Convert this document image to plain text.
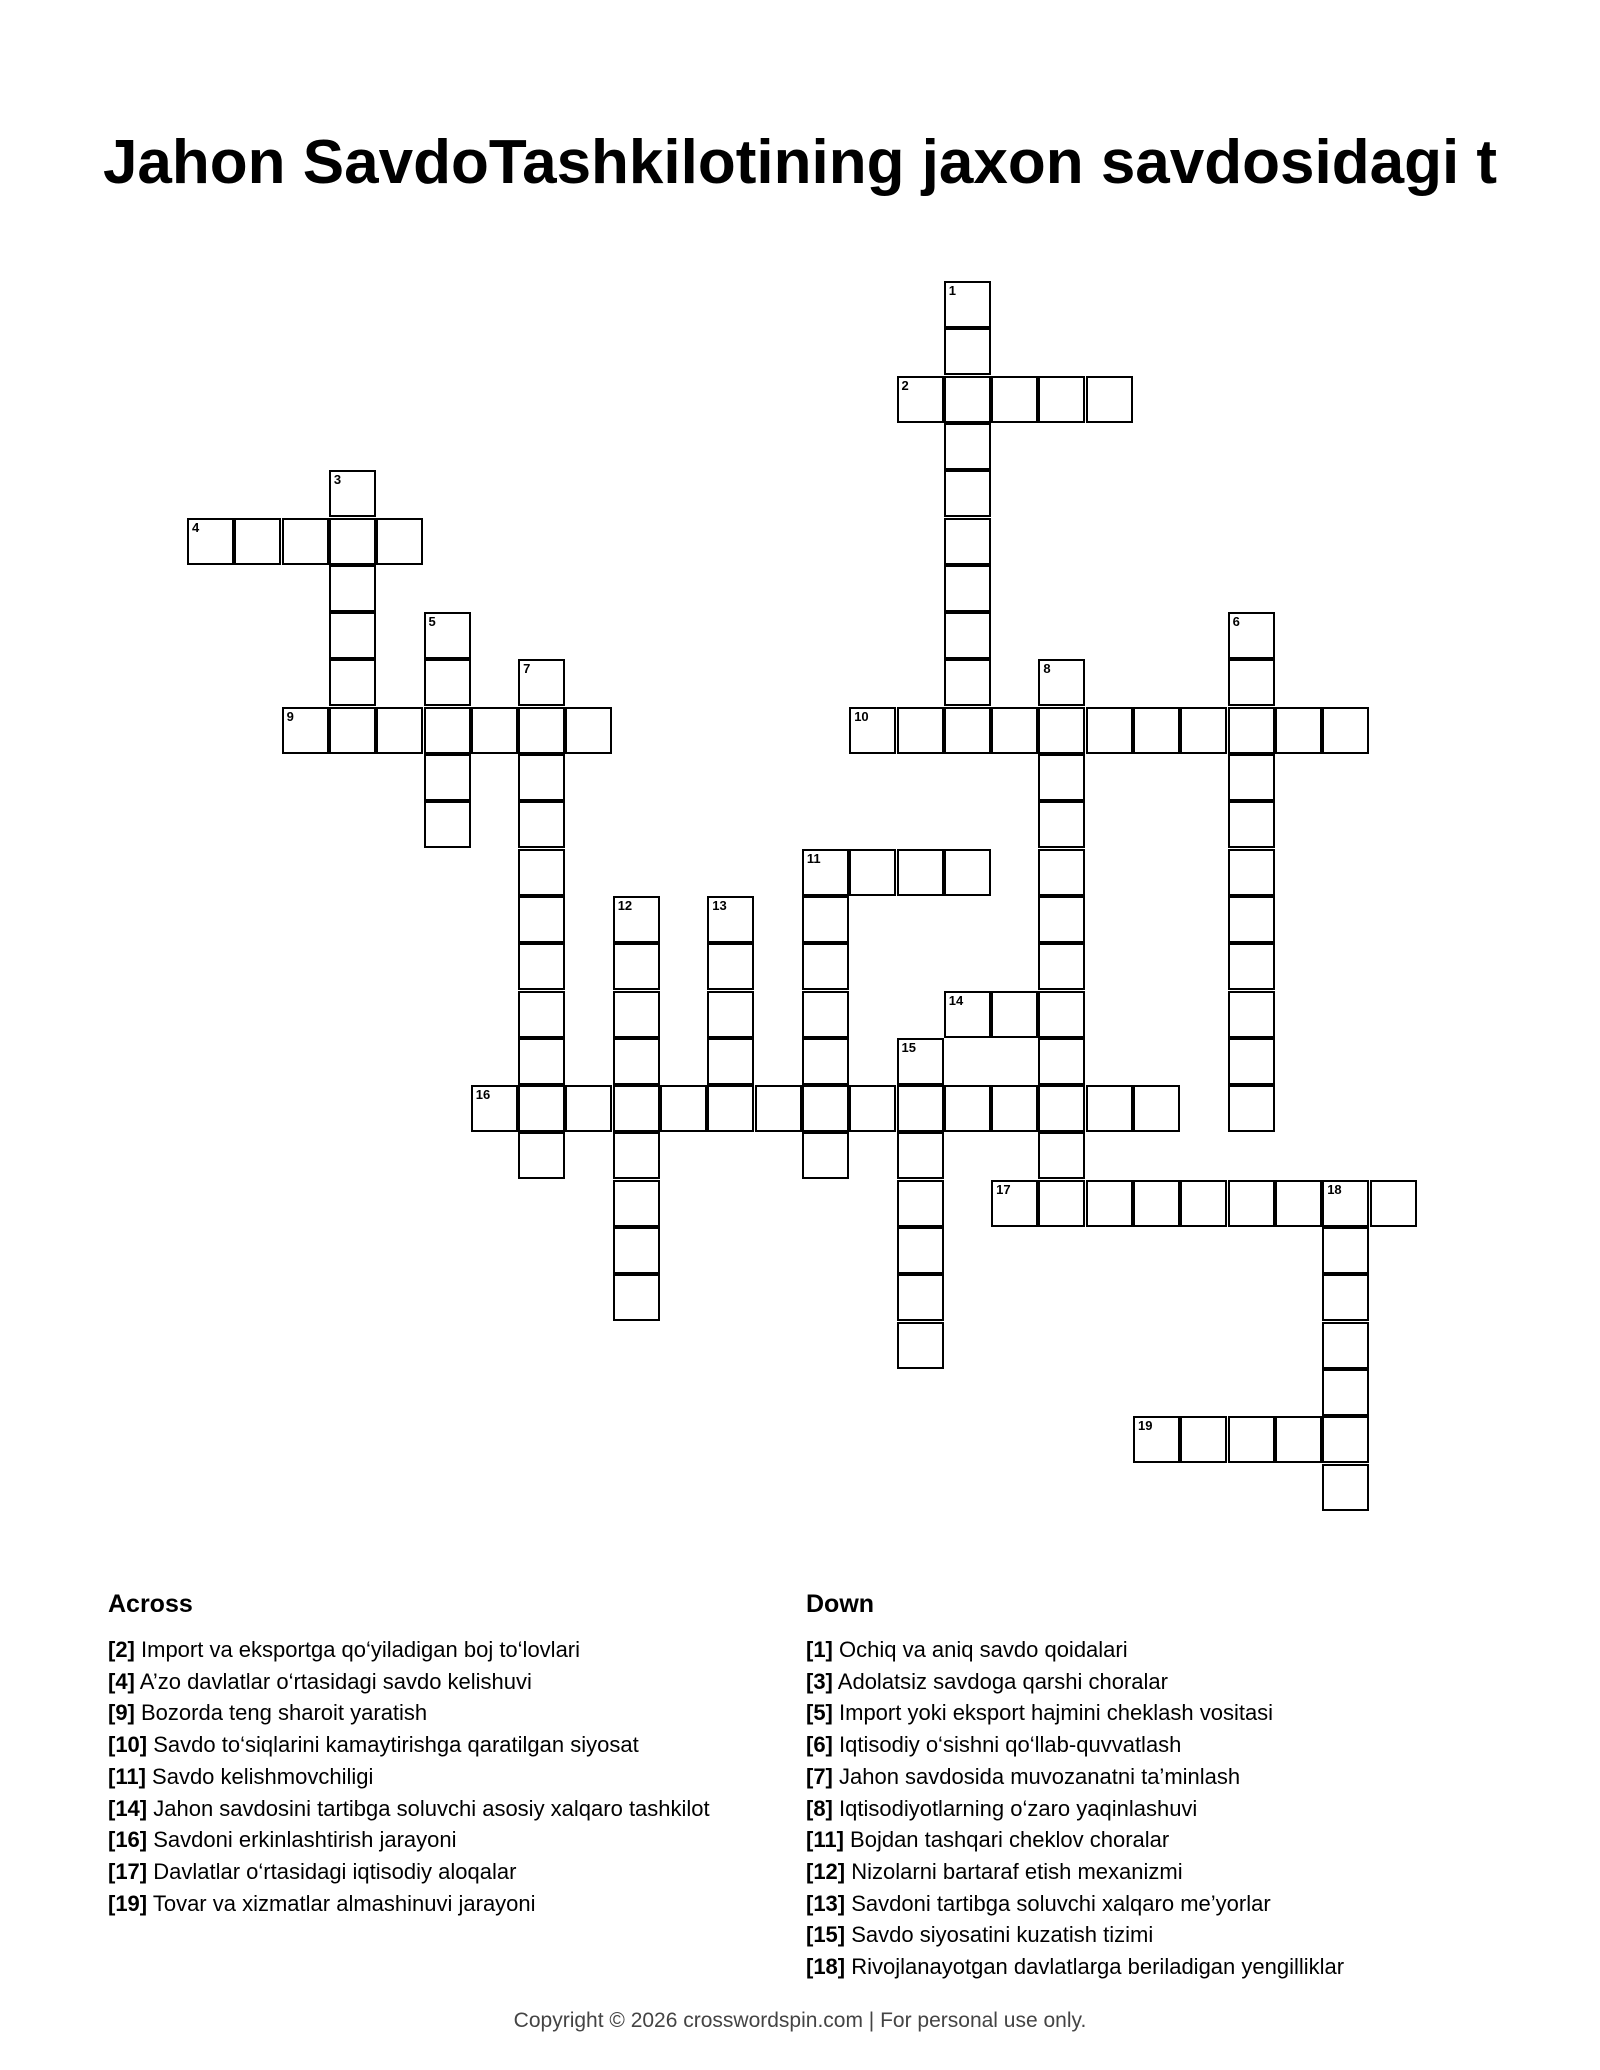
Jahon SavdoTashkilotining jaxon savdosidagi t
1
2
3
4
5	6
7	8
9	10
11
12	13
14
15
16
17	18
19
Across

[2] Import va eksportga qo‘yiladigan boj to‘lovlari

[4] A’zo davlatlar o‘rtasidagi savdo kelishuvi

[9] Bozorda teng sharoit yaratish

[10] Savdo to‘siqlarini kamaytirishga qaratilgan siyosat

[11] Savdo kelishmovchiligi

[14] Jahon savdosini tartibga soluvchi asosiy xalqaro tashkilot

[16] Savdoni erkinlashtirish jarayoni

[17] Davlatlar o‘rtasidagi iqtisodiy aloqalar

[19] Tovar va xizmatlar almashinuvi jarayoni

Down

[1] Ochiq va aniq savdo qoidalari

[3] Adolatsiz savdoga qarshi choralar

[5] Import yoki eksport hajmini cheklash vositasi

[6] Iqtisodiy o‘sishni qo‘llab-quvvatlash

[7] Jahon savdosida muvozanatni ta’minlash

[8] Iqtisodiyotlarning o‘zaro yaqinlashuvi

[11] Bojdan tashqari cheklov choralar

[12] Nizolarni bartaraf etish mexanizmi

[13] Savdoni tartibga soluvchi xalqaro me’yorlar

[15] Savdo siyosatini kuzatish tizimi

[18] Rivojlanayotgan davlatlarga beriladigan yengilliklar

Copyright © 2026 crosswordspin.com | For personal use only.
